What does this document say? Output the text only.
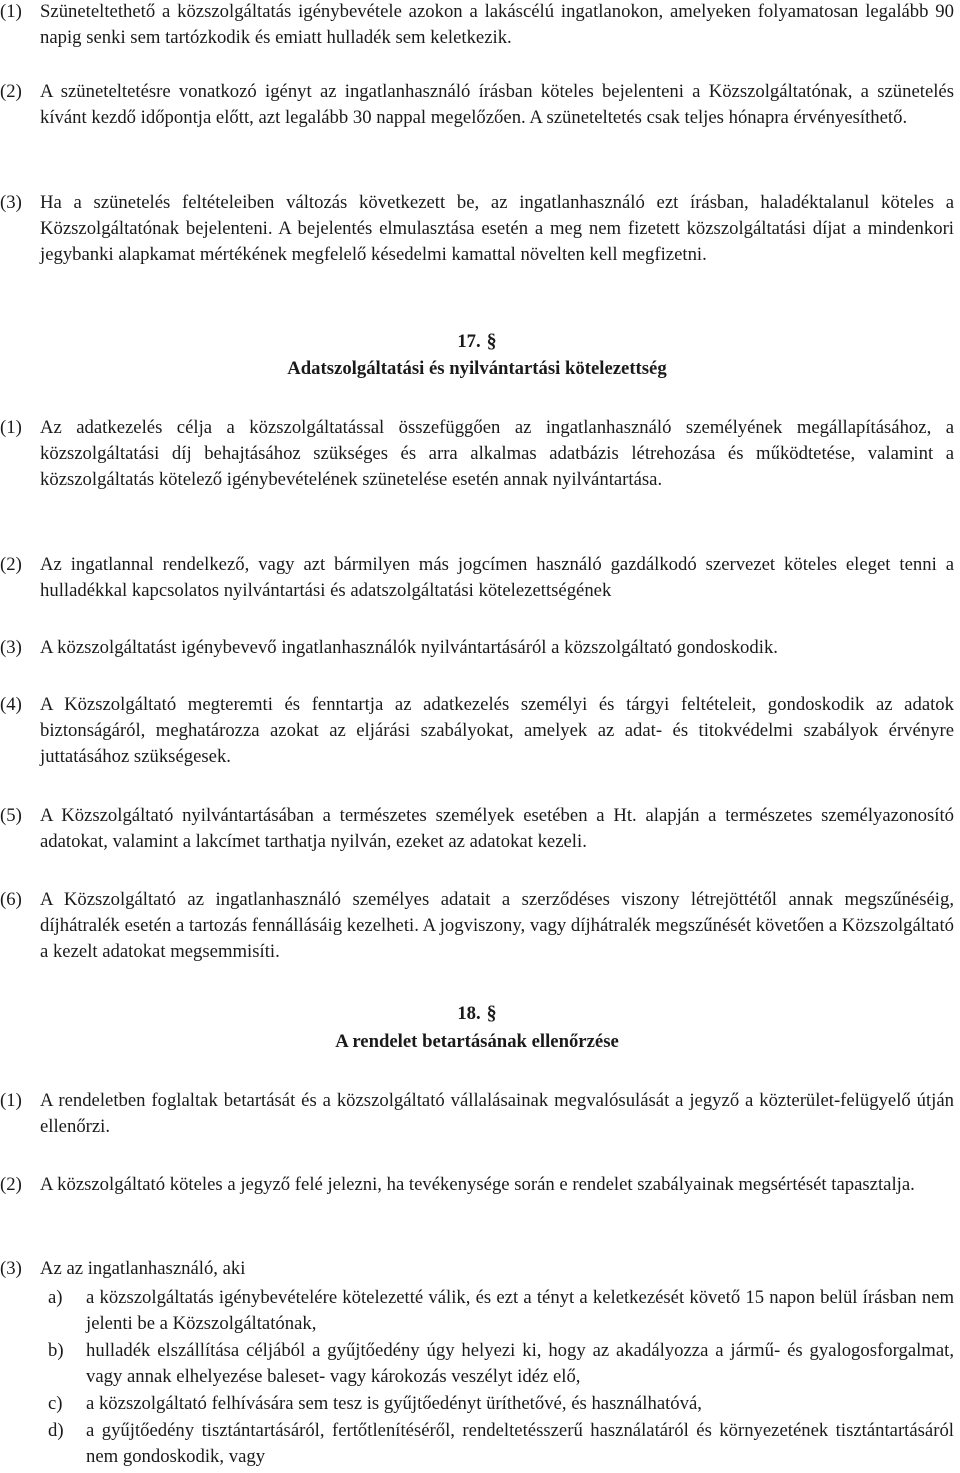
(1) Szüneteltethető a közszolgáltatás igénybevétele azokon a lakáscélú ingatlanokon, amelyeken folyamatosan legalább 90 napig senki sem tartózkodik és emiatt hulladék sem keletkezik.
(2) A szüneteltetésre vonatkozó igényt az ingatlanhasználó írásban köteles bejelenteni a Közszolgáltatónak, a szünetelés kívánt kezdő időpontja előtt, azt legalább 30 nappal megelőzően. A szüneteltetés csak teljes hónapra érvényesíthető.
(3) Ha a szünetelés feltételeiben változás következett be, az ingatlanhasználó ezt írásban, haladéktalanul köteles a Közszolgáltatónak bejelenteni. A bejelentés elmulasztása esetén a meg nem fizetett közszolgáltatási díjat a mindenkori jegybanki alapkamat mértékének megfelelő késedelmi kamattal növelten kell megfizetni.
17. §
Adatszolgáltatási és nyilvántartási kötelezettség
(1) Az adatkezelés célja a közszolgáltatással összefüggően az ingatlanhasználó személyének megállapításához, a közszolgáltatási díj behajtásához szükséges és arra alkalmas adatbázis létrehozása és működtetése, valamint a közszolgáltatás kötelező igénybevételének szünetelése esetén annak nyilvántartása.
(2) Az ingatlannal rendelkező, vagy azt bármilyen más jogcímen használó gazdálkodó szervezet köteles eleget tenni a hulladékkal kapcsolatos nyilvántartási és adatszolgáltatási kötelezettségének
(3) A közszolgáltatást igénybevevő ingatlanhasználók nyilvántartásáról a közszolgáltató gondoskodik.
(4) A Közszolgáltató megteremti és fenntartja az adatkezelés személyi és tárgyi feltételeit, gondoskodik az adatok biztonságáról, meghatározza azokat az eljárási szabályokat, amelyek az adat- és titokvédelmi szabályok érvényre juttatásához szükségesek.
(5) A Közszolgáltató nyilvántartásában a természetes személyek esetében a Ht. alapján a természetes személyazonosító adatokat, valamint a lakcímet tarthatja nyilván, ezeket az adatokat kezeli.
(6) A Közszolgáltató az ingatlanhasználó személyes adatait a szerződéses viszony létrejöttétől annak megszűnéséig, díjhátralék esetén a tartozás fennállásáig kezelheti. A jogviszony, vagy díjhátralék megszűnését követően a Közszolgáltató a kezelt adatokat megsemmisíti.
18. §
A rendelet betartásának ellenőrzése
(1) A rendeletben foglaltak betartását és a közszolgáltató vállalásainak megvalósulását a jegyző a közterület-felügyelő útján ellenőrzi.
(2) A közszolgáltató köteles a jegyző felé jelezni, ha tevékenysége során e rendelet szabályainak megsértését tapasztalja.
(3) Az az ingatlanhasználó, aki
a) a közszolgáltatás igénybevételére kötelezetté válik, és ezt a tényt a keletkezését követő 15 napon belül írásban nem jelenti be a Közszolgáltatónak,
b) hulladék elszállítása céljából a gyűjtőedény úgy helyezi ki, hogy az akadályozza a jármű- és gyalogosforgalmat, vagy annak elhelyezése baleset- vagy károkozás veszélyt idéz elő,
c) a közszolgáltató felhívására sem tesz is gyűjtőedényt üríthetővé, és használhatóvá,
d) a gyűjtőedény tisztántartásáról, fertőtlenítéséről, rendeltetésszerű használatáról és környezetének tisztántartásáról nem gondoskodik, vagy
